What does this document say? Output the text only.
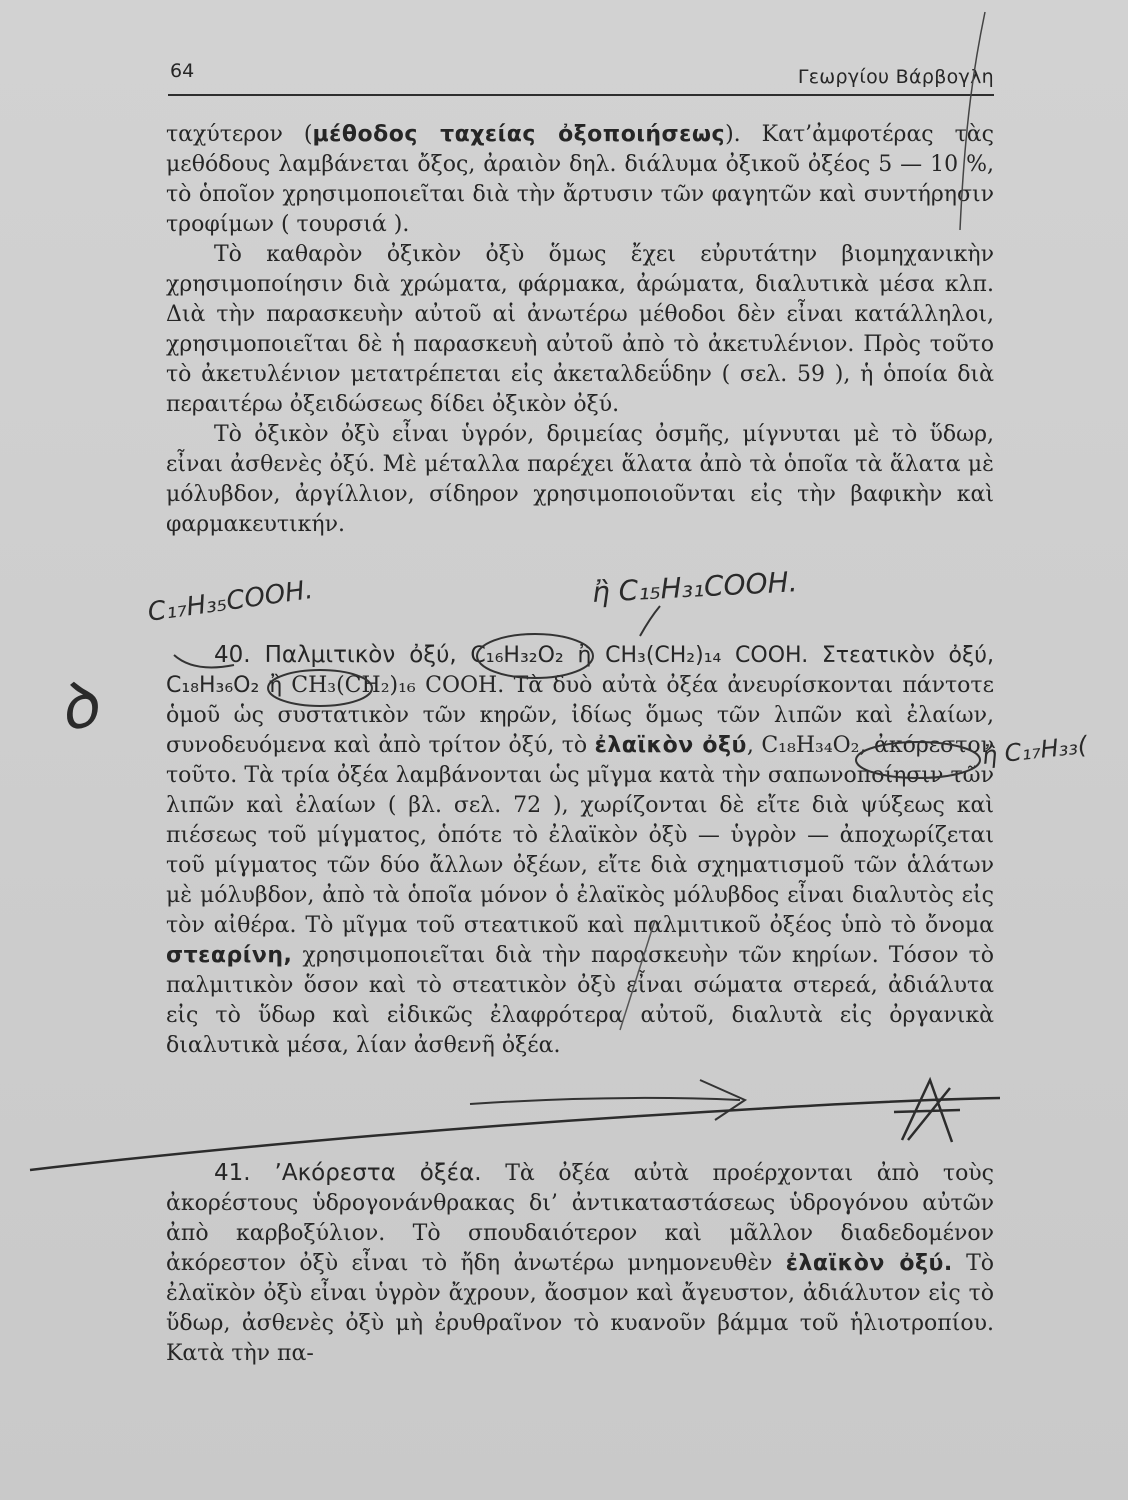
64	Γεωργίου Βάρβογλη

ταχύτερον (μέθοδος ταχείας ὀξοποιήσεως). Κατ’ἀμφοτέρας τὰς μεθόδους λαμβάνεται ὄξος, ἀραιὸν δηλ. διάλυμα ὀξικοῦ ὀξέος 5 — 10 %, τὸ ὁποῖον χρησιμοποιεῖται διὰ τὴν ἄρτυσιν τῶν φαγητῶν καὶ συντήρησιν τροφίμων ( τουρσιά ).

Τὸ καθαρὸν ὀξικὸν ὀξὺ ὅμως ἔχει εὐρυτάτην βιομηχανικὴν χρησιμοποίησιν διὰ χρώματα, φάρμακα, ἀρώματα, διαλυτικὰ μέσα κλπ. Διὰ τὴν παρασκευὴν αὐτοῦ αἱ ἀνωτέρω μέθοδοι δὲν εἶναι κατάλληλοι, χρησιμοποιεῖται δὲ ἡ παρασκευὴ αὐτοῦ ἀπὸ τὸ ἀκετυλένιον. Πρὸς τοῦτο τὸ ἀκετυλένιον μετατρέπεται εἰς ἀκεταλδεΰδην ( σελ. 59 ), ἡ ὁποία διὰ περαιτέρω ὀξειδώσεως δίδει ὀξικὸν ὀξύ.

Τὸ ὀξικὸν ὀξὺ εἶναι ὑγρόν, δριμείας ὀσμῆς, μίγνυται μὲ τὸ ὕδωρ, εἶναι ἀσθενὲς ὀξύ. Μὲ μέταλλα παρέχει ἅλατα ἀπὸ τὰ ὁποῖα τὰ ἅλατα μὲ μόλυβδον, ἀργίλλιον, σίδηρον χρησιμοποιοῦνται εἰς τὴν βαφικὴν καὶ φαρμακευτικήν.

40. Παλμιτικὸν ὀξύ, C₁₆H₃₂O₂ ἢ CH₃(CH₂)₁₄ COOH. Στεατικὸν ὀξύ, C₁₈H₃₆O₂ ἢ CH₃(CH₂)₁₆ COOH. Τὰ δυὸ αὐτὰ ὀξέα ἀνευρίσκονται πάντοτε ὁμοῦ ὡς συστατικὸν τῶν κηρῶν, ἰδίως ὅμως τῶν λιπῶν καὶ ἐλαίων, συνοδευόμενα καὶ ἀπὸ τρίτον ὀξύ, τὸ ἐλαϊκὸν ὀξύ, C₁₈H₃₄O₂, ἀκόρεστον τοῦτο. Τὰ τρία ὀξέα λαμβάνονται ὡς μῖγμα κατὰ τὴν σαπωνοποίησιν τῶν λιπῶν καὶ ἐλαίων ( βλ. σελ. 72 ), χωρίζονται δὲ εἴτε διὰ ψύξεως καὶ πιέσεως τοῦ μίγματος, ὁπότε τὸ ἐλαϊκὸν ὀξὺ — ὑγρὸν — ἀποχωρίζεται τοῦ μίγματος τῶν δύο ἄλλων ὀξέων, εἴτε διὰ σχηματισμοῦ τῶν ἁλάτων μὲ μόλυβδον, ἀπὸ τὰ ὁποῖα μόνον ὁ ἐλαϊκὸς μόλυβδος εἶναι διαλυτὸς εἰς τὸν αἰθέρα. Τὸ μῖγμα τοῦ στεατικοῦ καὶ παλμιτικοῦ ὀξέος ὑπὸ τὸ ὄνομα στεαρίνη, χρησιμοποιεῖται διὰ τὴν παρασκευὴν τῶν κηρίων. Τόσον τὸ παλμιτικὸν ὅσον καὶ τὸ στεατικὸν ὀξὺ εἶναι σώματα στερεά, ἀδιάλυτα εἰς τὸ ὕδωρ καὶ εἰδικῶς ἐλαφρότερα αὐτοῦ, διαλυτὰ εἰς ὀργανικὰ διαλυτικὰ μέσα, λίαν ἀσθενῆ ὀξέα.

41. ʼΑκόρεστα ὀξέα. Τὰ ὀξέα αὐτὰ προέρχονται ἀπὸ τοὺς ἀκορέστους ὑδρογονάνθρακας δι’ ἀντικαταστάσεως ὑδρογόνου αὐτῶν ἀπὸ καρβοξύλιον. Τὸ σπουδαιότερον καὶ μᾶλλον διαδεδομένον ἀκόρεστον ὀξὺ εἶναι τὸ ἤδη ἀνωτέρω μνημονευθὲν ἐλαϊκὸν ὀξύ. Τὸ ἐλαϊκὸν ὀξὺ εἶναι ὑγρὸν ἄχρουν, ἄοσμον καὶ ἄγευστον, ἀδιάλυτον εἰς τὸ ὕδωρ, ἀσθενὲς ὀξὺ μὴ ἐρυθραῖνον τὸ κυανοῦν βάμμα τοῦ ἡλιοτροπίου. Κατὰ τὴν πα-

C₁₇H₃₅COOH.	ἢ C₁₅H₃₁COOH.
ἢ C₁₇H₃₃(
ꝺ
